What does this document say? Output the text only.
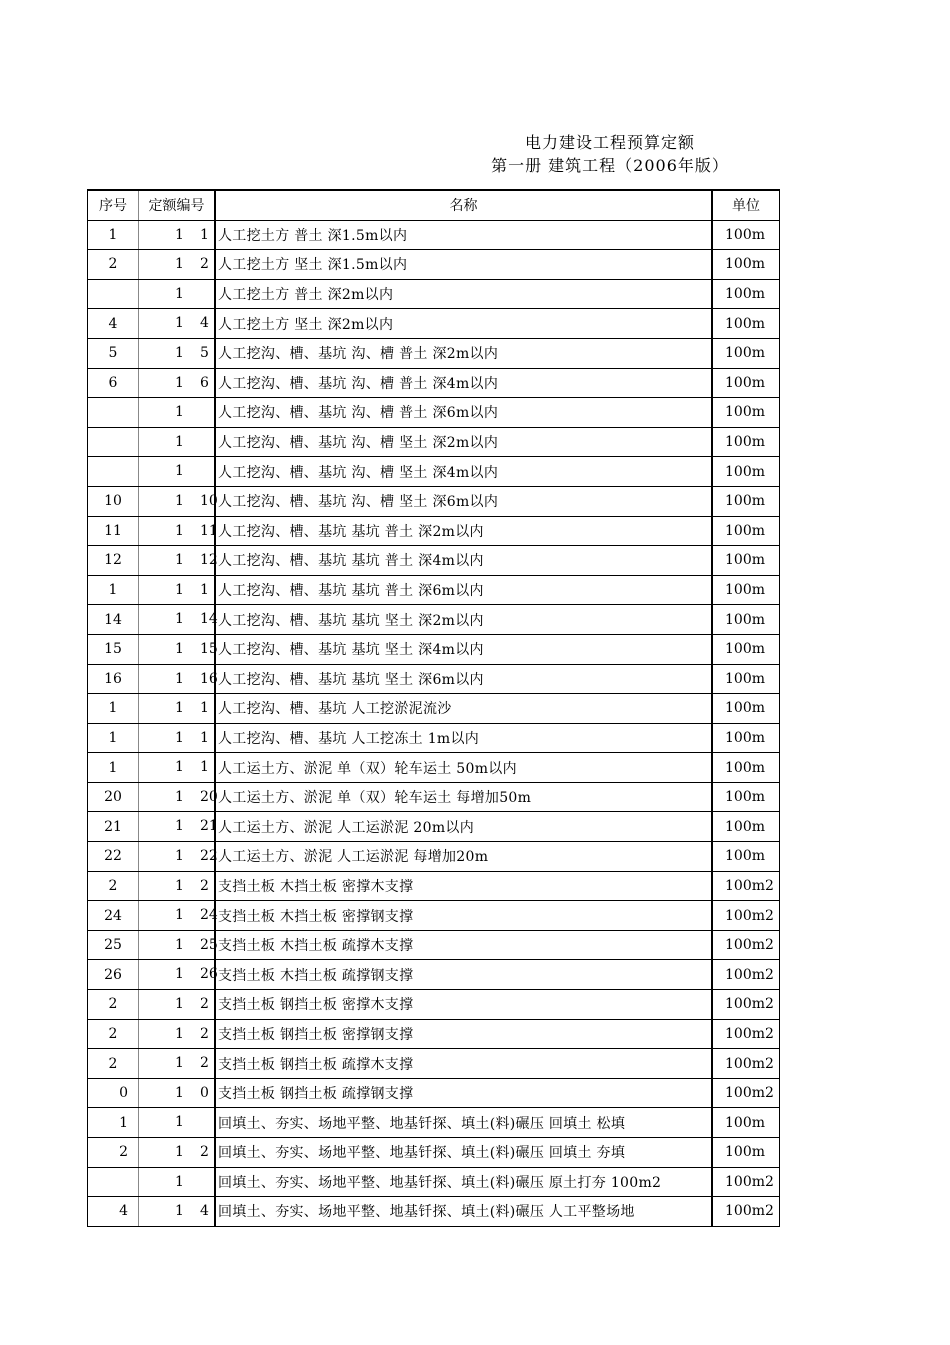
电力建设工程预算定额
第一册 建筑工程（2006年版）
序号	定额编号	名称	单位
1	1 1	人工挖土方 普土 深1.5m以内	100m
2	1 2	人工挖土方 坚土 深1.5m以内	100m

	1	人工挖土方 普土 深2m以内	100m
4	1 4	人工挖土方 坚土 深2m以内	100m
5	1 5	人工挖沟、槽、基坑 沟、槽 普土 深2m以内	100m
6	1 6	人工挖沟、槽、基坑 沟、槽 普土 深4m以内	100m

	1	人工挖沟、槽、基坑 沟、槽 普土 深6m以内	100m

	1	人工挖沟、槽、基坑 沟、槽 坚土 深2m以内	100m

	1	人工挖沟、槽、基坑 沟、槽 坚土 深4m以内	100m
10	1 10	人工挖沟、槽、基坑 沟、槽 坚土 深6m以内	100m
11	1 11	人工挖沟、槽、基坑 基坑 普土 深2m以内	100m
12	1 12	人工挖沟、槽、基坑 基坑 普土 深4m以内	100m
1	1 1	人工挖沟、槽、基坑 基坑 普土 深6m以内	100m
14	1 14	人工挖沟、槽、基坑 基坑 坚土 深2m以内	100m
15	1 15	人工挖沟、槽、基坑 基坑 坚土 深4m以内	100m
16	1 16	人工挖沟、槽、基坑 基坑 坚土 深6m以内	100m
1	1 1	人工挖沟、槽、基坑 人工挖淤泥流沙	100m
1	1 1	人工挖沟、槽、基坑 人工挖冻土 1m以内	100m
1	1 1	人工运土方、淤泥 单（双）轮车运土 50m以内	100m
20	1 20	人工运土方、淤泥 单（双）轮车运土 每增加50m	100m
21	1 21	人工运土方、淤泥 人工运淤泥 20m以内	100m
22	1 22	人工运土方、淤泥 人工运淤泥 每增加20m	100m
2	1 2	支挡土板 木挡土板 密撑木支撑	100m2
24	1 24	支挡土板 木挡土板 密撑钢支撑	100m2
25	1 25	支挡土板 木挡土板 疏撑木支撑	100m2
26	1 26	支挡土板 木挡土板 疏撑钢支撑	100m2
2	1 2	支挡土板 钢挡土板 密撑木支撑	100m2
2	1 2	支挡土板 钢挡土板 密撑钢支撑	100m2
2	1 2	支挡土板 钢挡土板 疏撑木支撑	100m2
0	1 0	支挡土板 钢挡土板 疏撑钢支撑	100m2
1	1	回填土、夯实、场地平整、地基钎探、填土(料)碾压 回填土 松填	100m
2	1 2	回填土、夯实、场地平整、地基钎探、填土(料)碾压 回填土 夯填	100m

	1	回填土、夯实、场地平整、地基钎探、填土(料)碾压 原土打夯 100m2	100m2
4	1 4	回填土、夯实、场地平整、地基钎探、填土(料)碾压 人工平整场地	100m2
